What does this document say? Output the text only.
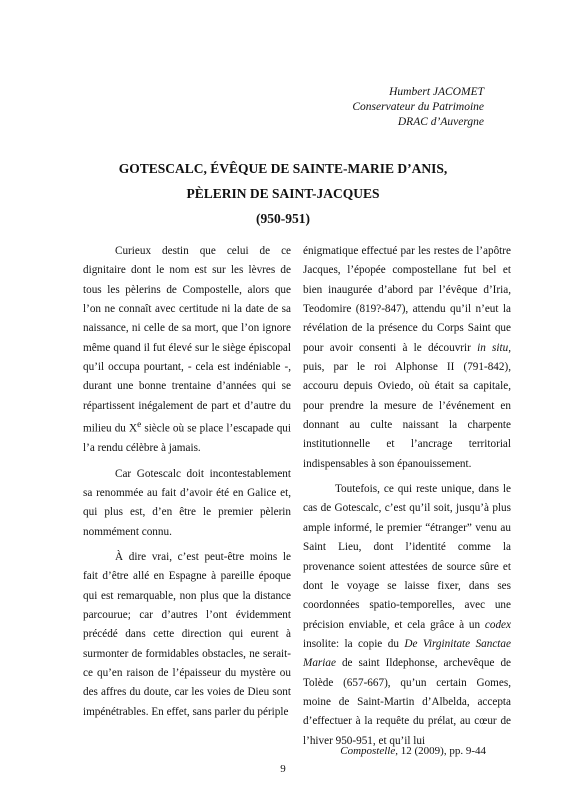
Humbert JACOMET
Conservateur du Patrimoine
DRAC d’Auvergne
GOTESCALC, ÉVÊQUE DE SAINTE-MARIE D’ANIS,
PÈLERIN DE SAINT-JACQUES
(950-951)

Curieux destin que celui de ce dignitaire dont le nom est sur les lèvres de tous les pèlerins de Compostelle, alors que l’on ne connaît avec certitude ni la date de sa naissance, ni celle de sa mort, que l’on ignore même quand il fut élevé sur le siège épiscopal qu’il occupa pourtant, - cela est indéniable -, durant une bonne trentaine d’années qui se répartissent inégalement de part et d’autre du milieu du Xe siècle où se place l’escapade qui l’a rendu célèbre à jamais.

Car Gotescalc doit incontestablement sa renommée au fait d’avoir été en Galice et, qui plus est, d’en être le premier pèlerin nommément connu.

À dire vrai, c’est peut-être moins le fait d’être allé en Espagne à pareille époque qui est remarquable, non plus que la distance parcourue; car d’autres l’ont évidemment précédé dans cette direction qui eurent à surmonter de formidables obstacles, ne serait-ce qu’en raison de l’épaisseur du mystère ou des affres du doute, car les voies de Dieu sont impénétrables. En effet, sans parler du périple

énigmatique effectué par les restes de l’apôtre Jacques, l’épopée compostellane fut bel et bien inaugurée d’abord par l’évêque d’Iria, Teodomire (819?-847), attendu qu’il n’eut la révélation de la présence du Corps Saint que pour avoir consenti à le découvrir in situ, puis, par le roi Alphonse II (791-842), accouru depuis Oviedo, où était sa capitale, pour prendre la mesure de l’événement en donnant au culte naissant la charpente institutionnelle et l’ancrage territorial indispensables à son épanouissement.

Toutefois, ce qui reste unique, dans le cas de Gotescalc, c’est qu’il soit, jusqu’à plus ample informé, le premier “étranger” venu au Saint Lieu, dont l’identité comme la provenance soient attestées de source sûre et dont le voyage se laisse fixer, dans ses coordonnées spatio-temporelles, avec une précision enviable, et cela grâce à un codex insolite: la copie du De Virginitate Sanctae Mariae de saint Ildephonse, archevêque de Tolède (657-667), qu’un certain Gomes, moine de Saint-Martin d’Albelda, accepta d’effectuer à la requête du prélat, au cœur de l’hiver 950-951, et qu’il lui

Compostelle, 12 (2009), pp. 9-44
9
